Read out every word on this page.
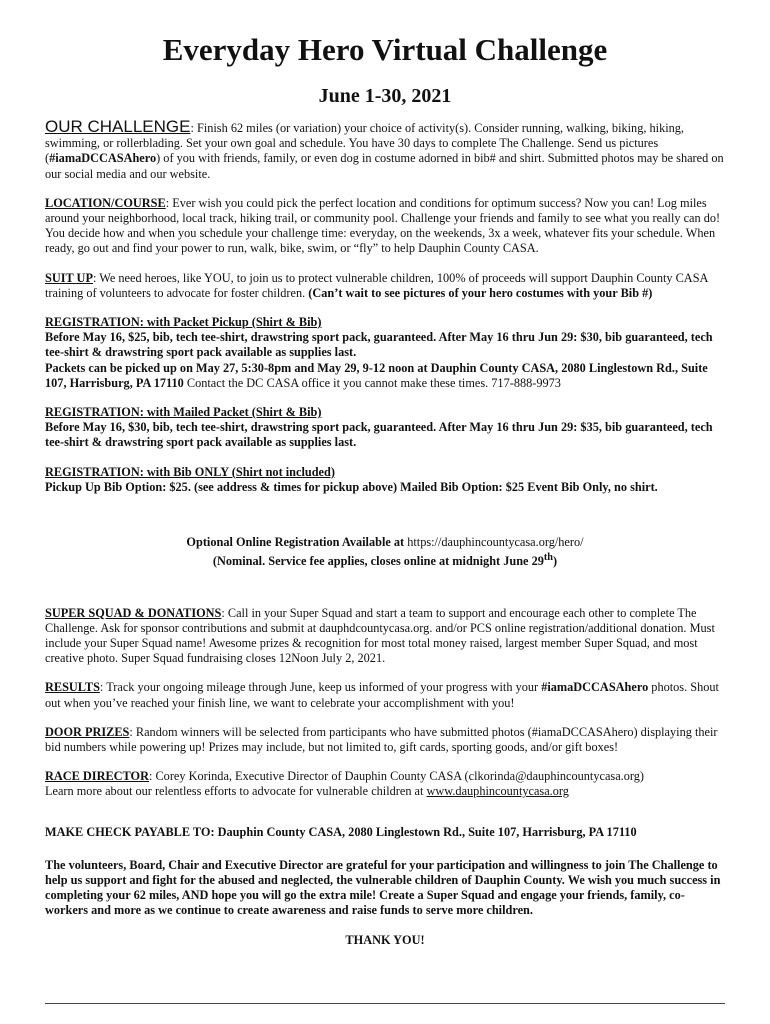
Everyday Hero Virtual Challenge
June 1-30, 2021

OUR CHALLENGE: Finish 62 miles (or variation) your choice of activity(s). Consider running, walking, biking, hiking, swimming, or rollerblading. Set your own goal and schedule. You have 30 days to complete The Challenge. Send us pictures (#iamaDCCASAhero) of you with friends, family, or even dog in costume adorned in bib# and shirt. Submitted photos may be shared on our social media and our website.

LOCATION/COURSE: Ever wish you could pick the perfect location and conditions for optimum success? Now you can! Log miles around your neighborhood, local track, hiking trail, or community pool. Challenge your friends and family to see what you really can do! You decide how and when you schedule your challenge time: everyday, on the weekends, 3x a week, whatever fits your schedule. When ready, go out and find your power to run, walk, bike, swim, or “fly” to help Dauphin County CASA.

SUIT UP: We need heroes, like YOU, to join us to protect vulnerable children, 100% of proceeds will support Dauphin County CASA training of volunteers to advocate for foster children. (Can’t wait to see pictures of your hero costumes with your Bib #)

REGISTRATION: with Packet Pickup (Shirt & Bib)

Before May 16, $25, bib, tech tee-shirt, drawstring sport pack, guaranteed. After May 16 thru Jun 29: $30, bib guaranteed, tech tee-shirt & drawstring sport pack available as supplies last.

Packets can be picked up on May 27, 5:30-8pm and May 29, 9-12 noon at Dauphin County CASA, 2080 Linglestown Rd., Suite 107, Harrisburg, PA 17110 Contact the DC CASA office it you cannot make these times. 717-888-9973

REGISTRATION: with Mailed Packet (Shirt & Bib)

Before May 16, $30, bib, tech tee-shirt, drawstring sport pack, guaranteed. After May 16 thru Jun 29: $35, bib guaranteed, tech tee-shirt & drawstring sport pack available as supplies last.

REGISTRATION: with Bib ONLY (Shirt not included)

Pickup Up Bib Option: $25. (see address & times for pickup above) Mailed Bib Option: $25 Event Bib Only, no shirt.

Optional Online Registration Available at https://dauphincountycasa.org/hero/

(Nominal. Service fee applies, closes online at midnight June 29th)

SUPER SQUAD & DONATIONS: Call in your Super Squad and start a team to support and encourage each other to complete The Challenge. Ask for sponsor contributions and submit at dauphdcountycasa.org. and/or PCS online registration/additional donation. Must include your Super Squad name! Awesome prizes & recognition for most total money raised, largest member Super Squad, and most creative photo. Super Squad fundraising closes 12Noon July 2, 2021.

RESULTS: Track your ongoing mileage through June, keep us informed of your progress with your #iamaDCCASAhero photos. Shout out when you’ve reached your finish line, we want to celebrate your accomplishment with you!

DOOR PRIZES: Random winners will be selected from participants who have submitted photos (#iamaDCCASAhero) displaying their bid numbers while powering up! Prizes may include, but not limited to, gift cards, sporting goods, and/or gift boxes!

RACE DIRECTOR: Corey Korinda, Executive Director of Dauphin County CASA (clkorinda@dauphincountycasa.org)

Learn more about our relentless efforts to advocate for vulnerable children at www.dauphincountycasa.org

MAKE CHECK PAYABLE TO: Dauphin County CASA, 2080 Linglestown Rd., Suite 107, Harrisburg, PA 17110

The volunteers, Board, Chair and Executive Director are grateful for your participation and willingness to join The Challenge to help us support and fight for the abused and neglected, the vulnerable children of Dauphin County. We wish you much success in completing your 62 miles, AND hope you will go the extra mile! Create a Super Squad and engage your friends, family, co-workers and more as we continue to create awareness and raise funds to serve more children.

THANK YOU!
